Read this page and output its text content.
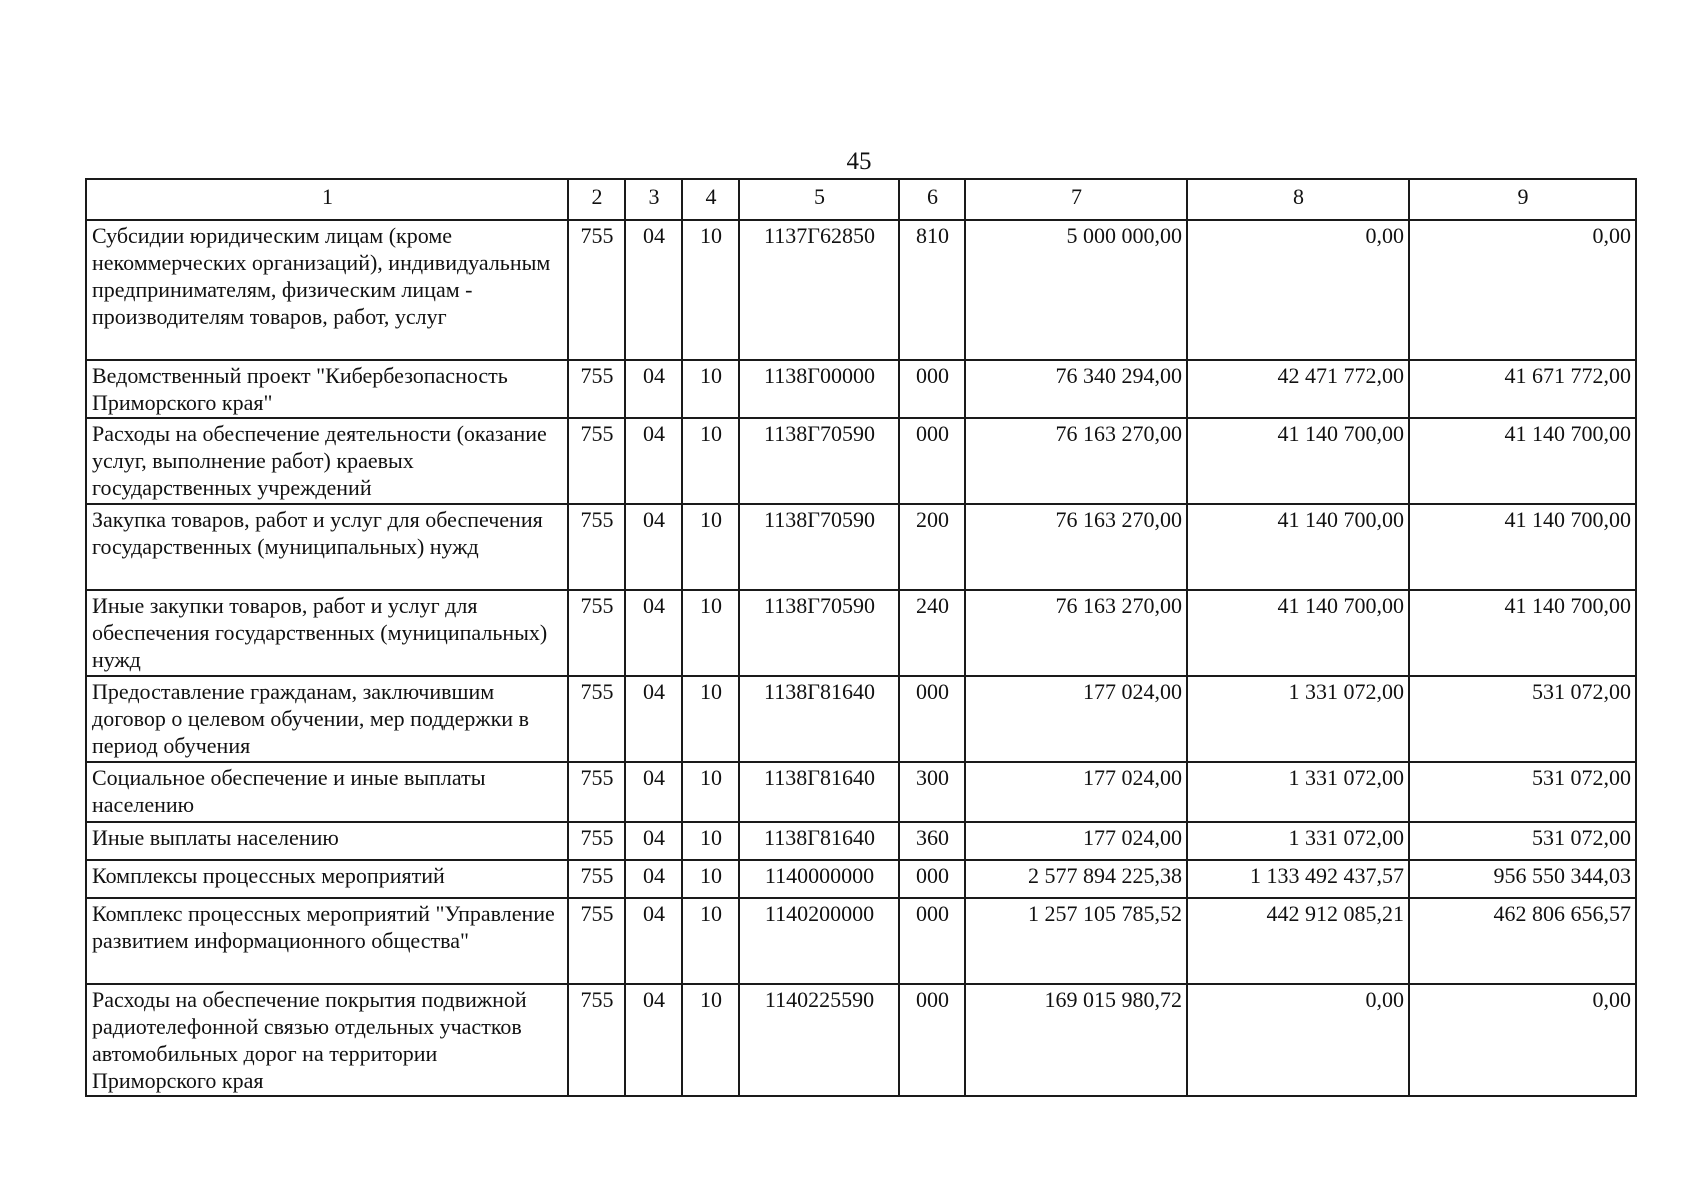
45
1	2	3	4	5	6	7	8	9
Субсидии юридическим лицам (кроме некоммерческих организаций), индивидуальным предпринимателям, физическим лицам - производителям товаров, работ, услуг	755	04	10	1137Г62850	810	5 000 000,00	0,00	0,00
Ведомственный проект "Кибербезопасность Приморского края"	755	04	10	1138Г00000	000	76 340 294,00	42 471 772,00	41 671 772,00
Расходы на обеспечение деятельности (оказание услуг, выполнение работ) краевых государственных учреждений	755	04	10	1138Г70590	000	76 163 270,00	41 140 700,00	41 140 700,00
Закупка товаров, работ и услуг для обеспечения государственных (муниципальных) нужд	755	04	10	1138Г70590	200	76 163 270,00	41 140 700,00	41 140 700,00
Иные закупки товаров, работ и услуг для обеспечения государственных (муниципальных) нужд	755	04	10	1138Г70590	240	76 163 270,00	41 140 700,00	41 140 700,00
Предоставление гражданам, заключившим договор о целевом обучении, мер поддержки в период обучения	755	04	10	1138Г81640	000	177 024,00	1 331 072,00	531 072,00
Социальное обеспечение и иные выплаты населению	755	04	10	1138Г81640	300	177 024,00	1 331 072,00	531 072,00
Иные выплаты населению	755	04	10	1138Г81640	360	177 024,00	1 331 072,00	531 072,00
Комплексы процессных мероприятий	755	04	10	1140000000	000	2 577 894 225,38	1 133 492 437,57	956 550 344,03
Комплекс процессных мероприятий "Управление развитием информационного общества"	755	04	10	1140200000	000	1 257 105 785,52	442 912 085,21	462 806 656,57
Расходы на обеспечение покрытия подвижной радиотелефонной связью отдельных участков автомобильных дорог на территории Приморского края	755	04	10	1140225590	000	169 015 980,72	0,00	0,00
